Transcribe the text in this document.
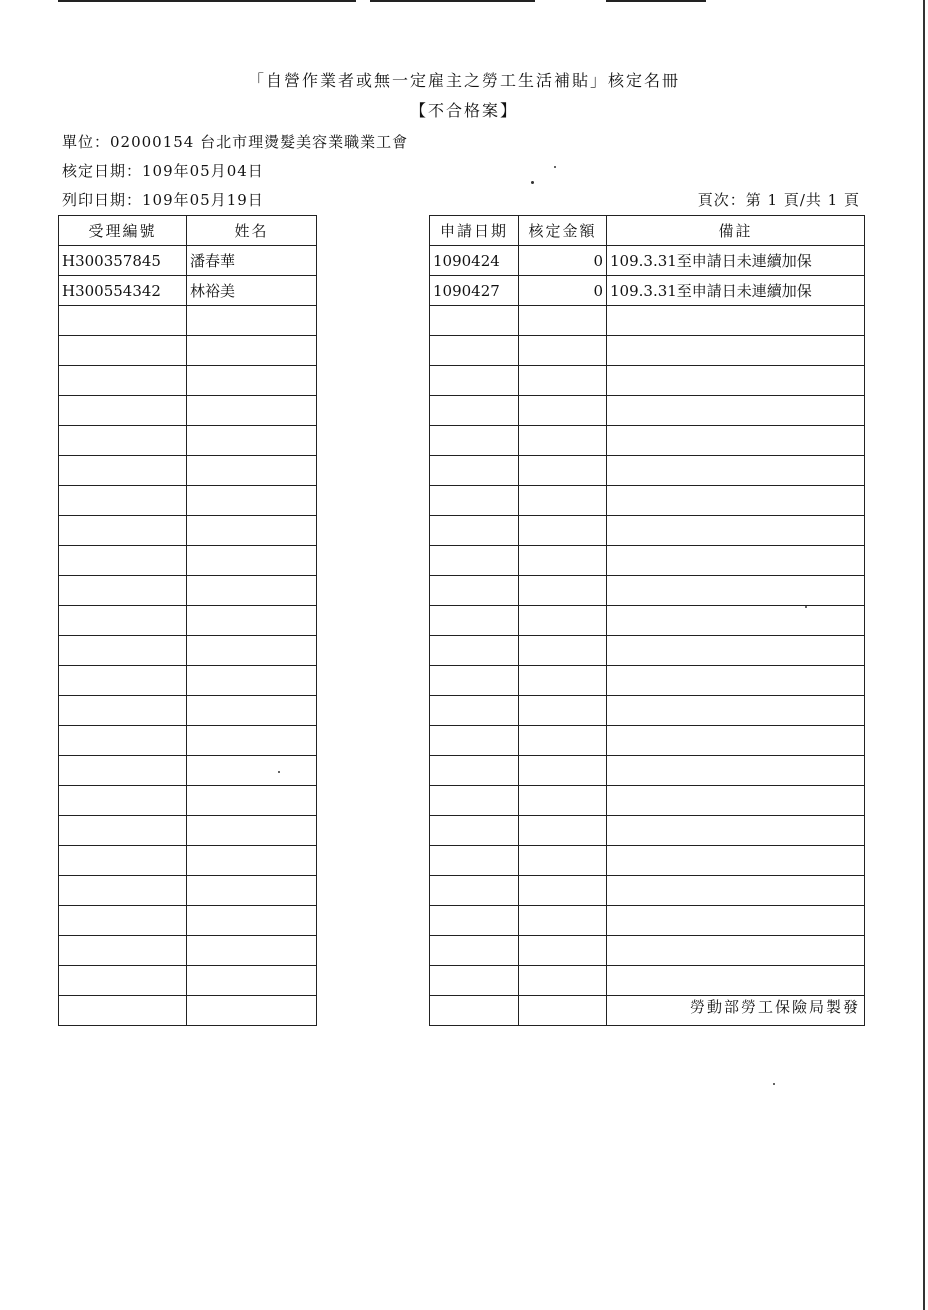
「自營作業者或無一定雇主之勞工生活補貼」核定名冊
【不合格案】
單位：02000154 台北市理燙髮美容業職業工會
核定日期：109年05月04日
列印日期：109年05月19日	頁次：第 1 頁/共 1 頁
受理編號	姓名		申請日期	核定金額	備註
H300357845	潘春華		1090424	0	109.3.31至申請日未連續加保
H300554342	林裕美		1090427	0	109.3.31至申請日未連續加保

勞動部勞工保險局製發
